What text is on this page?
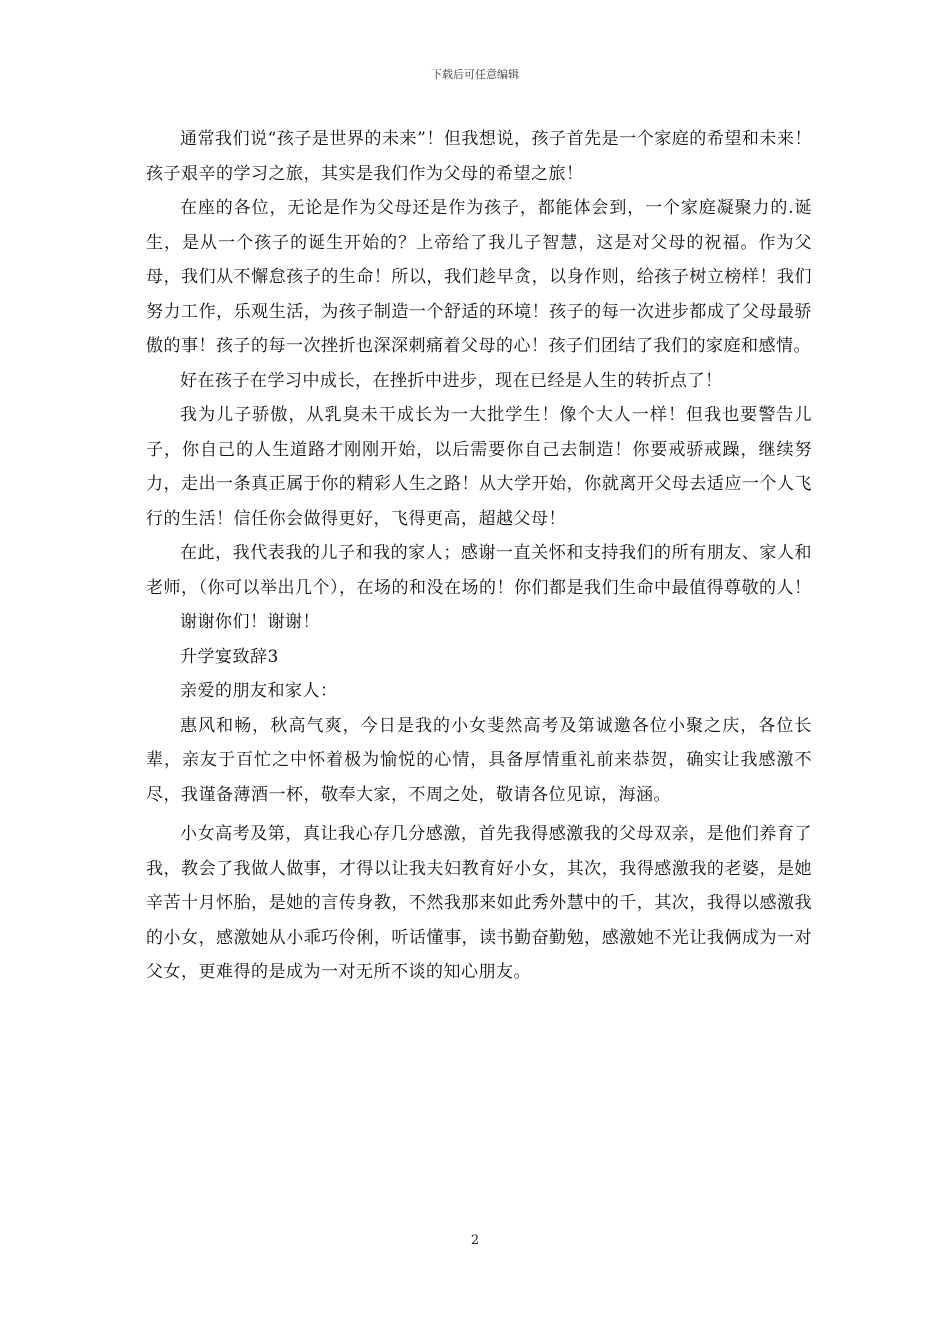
下载后可任意编辑

通常我们说“孩子是世界的未来”！但我想说，孩子首先是一个家庭的希望和未来！孩子艰辛的学习之旅，其实是我们作为父母的希望之旅！

在座的各位，无论是作为父母还是作为孩子，都能体会到，一个家庭凝聚力的.诞生，是从一个孩子的诞生开始的？上帝给了我儿子智慧，这是对父母的祝福。作为父母，我们从不懈怠孩子的生命！所以，我们趁早贪，以身作则，给孩子树立榜样！我们努力工作，乐观生活，为孩子制造一个舒适的环境！孩子的每一次进步都成了父母最骄傲的事！孩子的每一次挫折也深深刺痛着父母的心！孩子们团结了我们的家庭和感情。

好在孩子在学习中成长，在挫折中进步，现在已经是人生的转折点了！

我为儿子骄傲，从乳臭未干成长为一大批学生！像个大人一样！但我也要警告儿子，你自己的人生道路才刚刚开始，以后需要你自己去制造！你要戒骄戒躁，继续努力，走出一条真正属于你的精彩人生之路！从大学开始，你就离开父母去适应一个人飞行的生活！信任你会做得更好，飞得更高，超越父母！

在此，我代表我的儿子和我的家人；感谢一直关怀和支持我们的所有朋友、家人和老师，（你可以举出几个），在场的和没在场的！你们都是我们生命中最值得尊敬的人！

谢谢你们！谢谢！

升学宴致辞3

亲爱的朋友和家人：

惠风和畅，秋高气爽，今日是我的小女斐然高考及第诚邀各位小聚之庆，各位长辈，亲友于百忙之中怀着极为愉悦的心情，具备厚情重礼前来恭贺，确实让我感激不尽，我谨备薄酒一杯，敬奉大家，不周之处，敬请各位见谅，海涵。

小女高考及第，真让我心存几分感激，首先我得感激我的父母双亲，是他们养育了我，教会了我做人做事，才得以让我夫妇教育好小女，其次，我得感激我的老婆，是她辛苦十月怀胎，是她的言传身教，不然我那来如此秀外慧中的千，其次，我得以感激我的小女，感激她从小乖巧伶俐，听话懂事，读书勤奋勤勉，感激她不光让我俩成为一对父女，更难得的是成为一对无所不谈的知心朋友。

2
